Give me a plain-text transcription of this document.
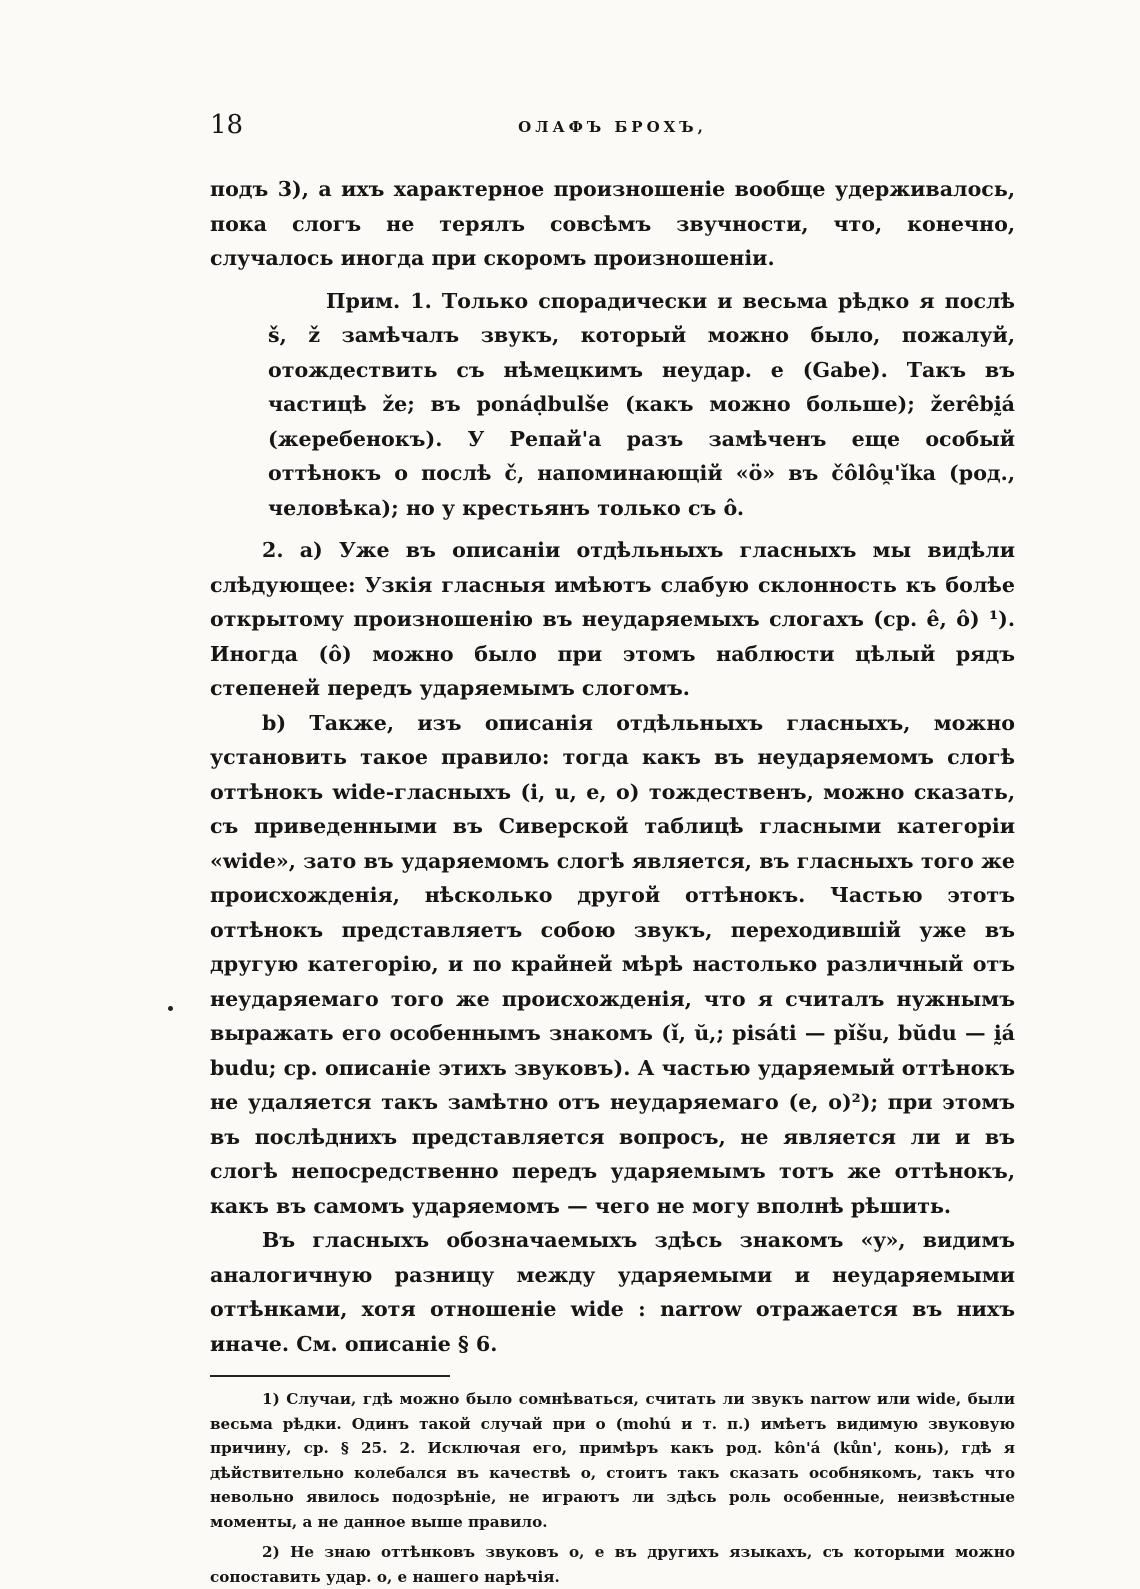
18	ОЛАФЪ БРОХЪ,

подъ 3), а ихъ характерное произношеніе вообще удерживалось, пока слогъ не терялъ совсѣмъ звучности, что, конечно, случалось иногда при скоромъ произношеніи.

Прим. 1. Только спорадически и весьма рѣдко я послѣ š, ž замѣчалъ звукъ, который можно было, пожалуй, отождествить съ нѣмецкимъ неудар. e (Gabe). Такъ въ частицѣ že; въ ponáḍbulše (какъ можно больше); žerêbḭá (жеребенокъ). У Репай'а разъ замѣченъ еще особый оттѣнокъ o послѣ č, напоминающій «ö» въ čôlôu̯'ǐka (род., человѣка); но у крестьянъ только съ ô.

2. a) Уже въ описаніи отдѣльныхъ гласныхъ мы видѣли слѣдующее: Узкія гласныя имѣютъ слабую склонность къ болѣе открытому произношенію въ неударяемыхъ слогахъ (ср. ê, ô) ¹). Иногда (ô) можно было при этомъ наблюсти цѣлый рядъ степеней передъ ударяемымъ слогомъ.

b) Также, изъ описанія отдѣльныхъ гласныхъ, можно установить такое правило: тогда какъ въ неударяемомъ слогѣ оттѣнокъ wide-гласныхъ (i, u, e, o) тождественъ, можно сказать, съ приведенными въ Сиверской таблицѣ гласными категоріи «wide», зато въ ударяемомъ слогѣ является, въ гласныхъ того же происхожденія, нѣсколько другой оттѣнокъ. Частью этотъ оттѣнокъ представляетъ собою звукъ, переходившій уже въ другую категорію, и по крайней мѣрѣ настолько различный отъ неударяемаго того же происхожденія, что я считалъ нужнымъ выражать его особеннымъ знакомъ (ǐ, ŭ,; pisáti — pǐšu, bŭdu — ḭá budu; ср. описаніе этихъ звуковъ). А частью ударяемый оттѣнокъ не удаляется такъ замѣтно отъ неударяемаго (e, o)²); при этомъ въ послѣднихъ представляется вопросъ, не является ли и въ слогѣ непосредственно передъ ударяемымъ тотъ же оттѣнокъ, какъ въ самомъ ударяемомъ — чего не могу вполнѣ рѣшить.

Въ гласныхъ обозначаемыхъ здѣсь знакомъ «y», видимъ аналогичную разницу между ударяемыми и неударяемыми оттѣнками, хотя отношеніе wide : narrow отражается въ нихъ иначе. См. описаніе § 6.

1) Случаи, гдѣ можно было сомнѣваться, считать ли звукъ narrow или wide, были весьма рѣдки. Одинъ такой случай при o (mohú и т. п.) имѣетъ видимую звуковую причину, ср. § 25. 2. Исключая его, примѣръ какъ род. kôn'á (kůn', конь), гдѣ я дѣйствительно колебался въ качествѣ o, стоитъ такъ сказать особнякомъ, такъ что невольно явилось подозрѣніе, не играютъ ли здѣсь роль особенные, неизвѣстные моменты, а не данное выше правило.

2) Не знаю оттѣнковъ звуковъ o, e въ другихъ языкахъ, съ которыми можно сопоставить удар. o, e нашего нарѣчія.
